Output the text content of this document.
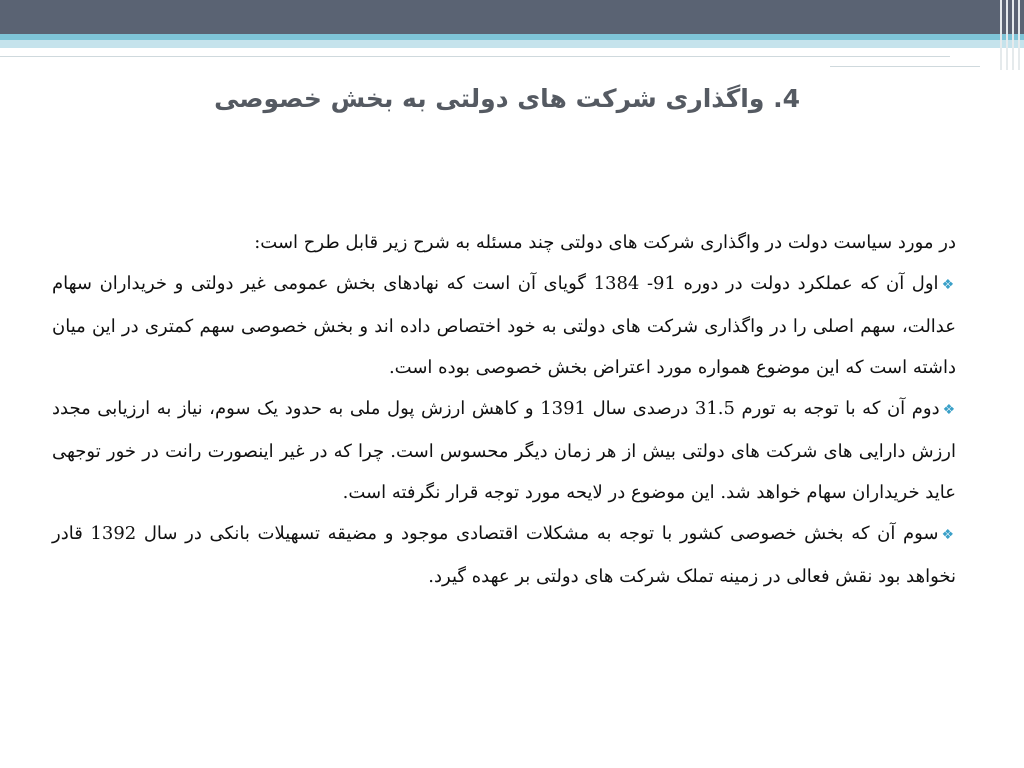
4. واگذاری شرکت های دولتی به بخش خصوصی

در مورد سیاست دولت در واگذاری شرکت های دولتی چند مسئله به شرح زیر قابل طرح است:

❖اول آن که عملکرد دولت در دوره 91- 1384 گویای آن است که نهادهای بخش عمومی غیر دولتی و خریداران سهام عدالت، سهم اصلی را در واگذاری شرکت های دولتی به خود اختصاص داده اند و بخش خصوصی سهم کمتری در این میان داشته است که این موضوع همواره مورد اعتراض بخش خصوصی بوده است.

❖دوم آن که با توجه به تورم 31.5 درصدی سال 1391 و کاهش ارزش پول ملی به حدود یک سوم، نیاز به ارزیابی مجدد ارزش دارایی های شرکت های دولتی بیش از هر زمان دیگر محسوس است. چرا که در غیر اینصورت رانت در خور توجهی عاید خریداران سهام خواهد شد. این موضوع در لایحه مورد توجه قرار نگرفته است.

❖سوم آن که بخش خصوصی کشور با توجه به مشکلات اقتصادی موجود و مضیقه تسهیلات بانکی در سال 1392 قادر نخواهد بود نقش فعالی در زمینه تملک شرکت های دولتی بر عهده گیرد.
